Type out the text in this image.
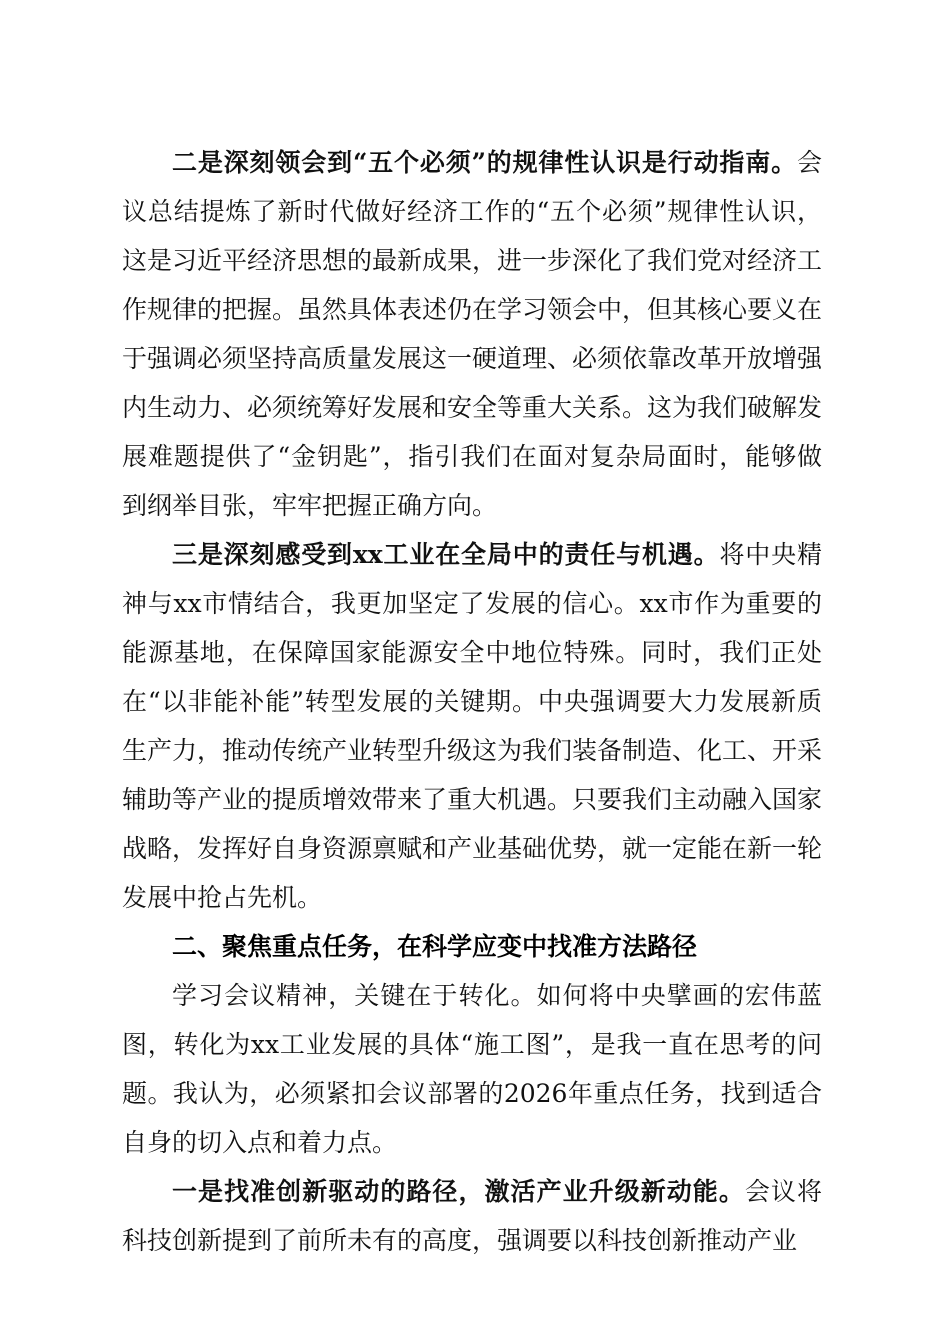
二是深刻领会到“五个必须”的规律性认识是行动指南。会议总结提炼了新时代做好经济工作的“五个必须”规律性认识，这是习近平经济思想的最新成果，进一步深化了我们党对经济工作规律的把握。虽然具体表述仍在学习领会中，但其核心要义在于强调必须坚持高质量发展这一硬道理、必须依靠改革开放增强内生动力、必须统筹好发展和安全等重大关系。这为我们破解发展难题提供了“金钥匙”，指引我们在面对复杂局面时，能够做到纲举目张，牢牢把握正确方向。

三是深刻感受到xx工业在全局中的责任与机遇。将中央精神与xx市情结合，我更加坚定了发展的信心。xx市作为重要的能源基地，在保障国家能源安全中地位特殊。同时，我们正处在“以非能补能”转型发展的关键期。中央强调要大力发展新质生产力，推动传统产业转型升级这为我们装备制造、化工、开采辅助等产业的提质增效带来了重大机遇。只要我们主动融入国家战略，发挥好自身资源禀赋和产业基础优势，就一定能在新一轮发展中抢占先机。

二、聚焦重点任务，在科学应变中找准方法路径

学习会议精神，关键在于转化。如何将中央擘画的宏伟蓝图，转化为xx工业发展的具体“施工图”，是我一直在思考的问题。我认为，必须紧扣会议部署的2026年重点任务，找到适合自身的切入点和着力点。

一是找准创新驱动的路径，激活产业升级新动能。会议将科技创新提到了前所未有的高度，强调要以科技创新推动产业
